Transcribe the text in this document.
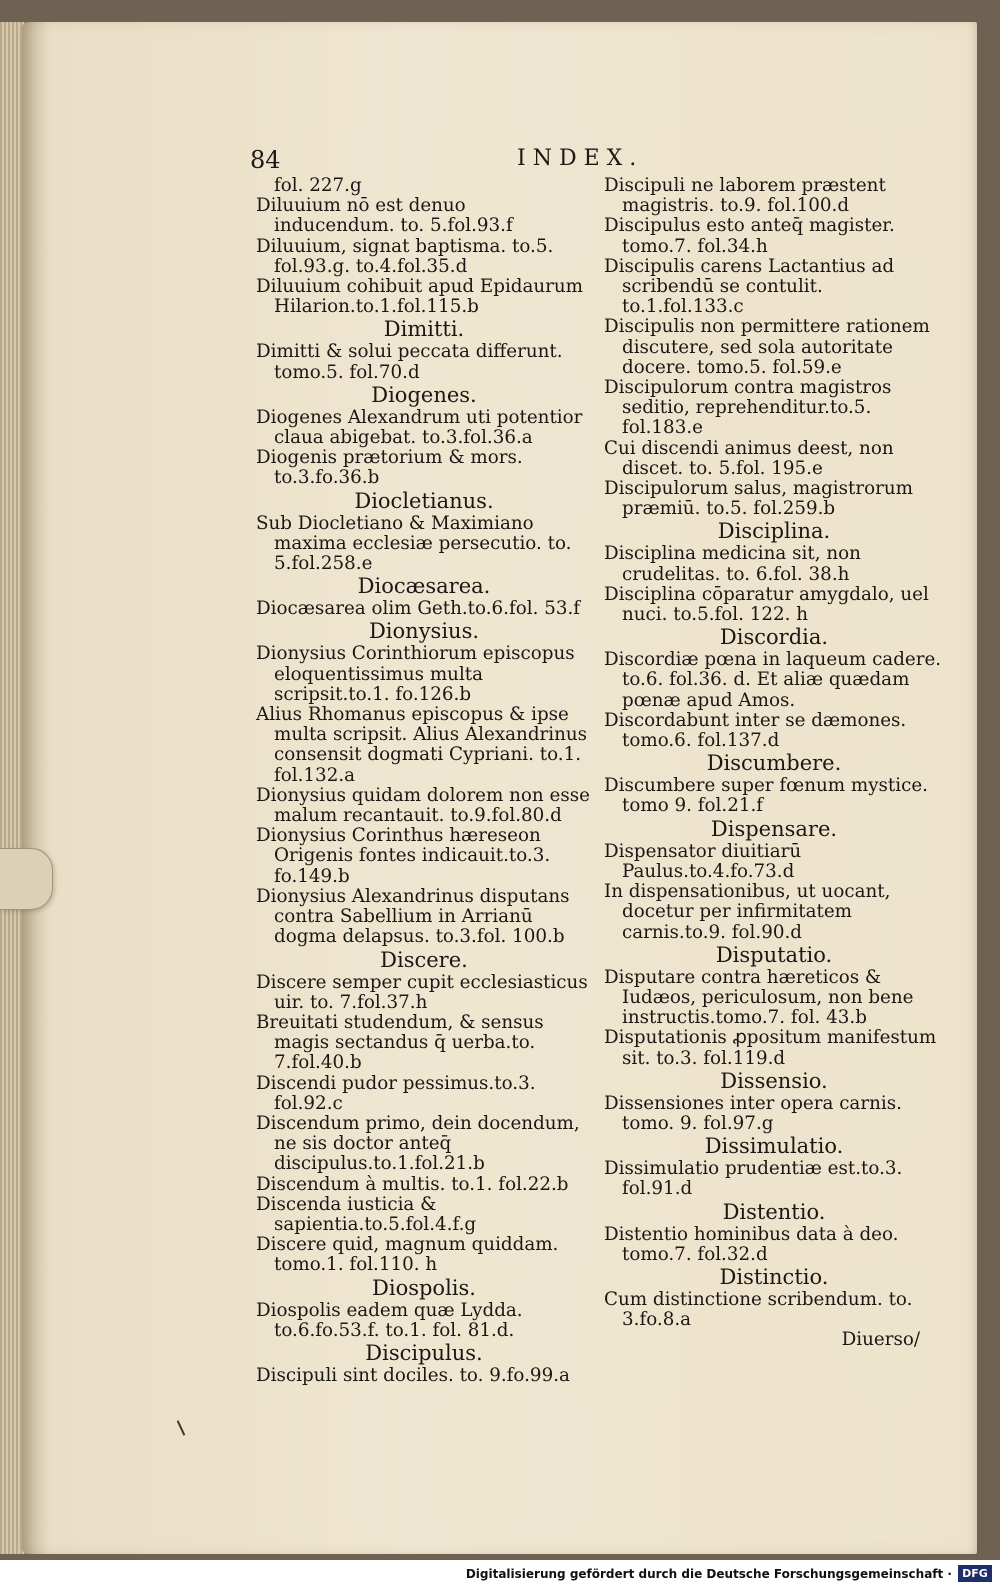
84	INDEX.

fol. 227.g

Diluuium nō est denuo inducendum. to. 5.fol.93.f

Diluuium, signat baptisma. to.5. fol.93.g. to.4.fol.35.d

Diluuium cohibuit apud Epidaurum Hilarion.to.1.fol.115.b

Dimitti.

Dimitti & solui peccata differunt. tomo.5. fol.70.d

Diogenes.

Diogenes Alexandrum uti potentior claua abigebat. to.3.fol.36.a

Diogenis prætorium & mors. to.3.fo.36.b

Diocletianus.

Sub Diocletiano & Maximiano maxima ecclesiæ persecutio. to. 5.fol.258.e

Diocæsarea.

Diocæsarea olim Geth.to.6.fol. 53.f

Dionysius.

Dionysius Corinthiorum episcopus eloquentissimus multa scripsit.to.1. fo.126.b

Alius Rhomanus episcopus & ipse multa scripsit. Alius Alexandrinus consensit dogmati Cypriani. to.1. fol.132.a

Dionysius quidam dolorem non esse malum recantauit. to.9.fol.80.d

Dionysius Corinthus hæreseon Origenis fontes indicauit.to.3. fo.149.b

Dionysius Alexandrinus disputans contra Sabellium in Arrianū dogma delapsus. to.3.fol. 100.b

Discere.

Discere semper cupit ecclesiasticus uir. to. 7.fol.37.h

Breuitati studendum, & sensus magis sectandus q̄ uerba.to. 7.fol.40.b

Discendi pudor pessimus.to.3. fol.92.c

Discendum primo, dein docendum, ne sis doctor anteq̄ discipulus.to.1.fol.21.b

Discendum à multis. to.1. fol.22.b

Discenda iusticia & sapientia.to.5.fol.4.f.g

Discere quid, magnum quiddam. tomo.1. fol.110. h

Diospolis.

Diospolis eadem quæ Lydda. to.6.fo.53.f. to.1. fol. 81.d.

Discipulus.

Discipuli sint dociles. to. 9.fo.99.a

Discipuli ne laborem præstent magistris. to.9. fol.100.d

Discipulus esto anteq̄ magister. tomo.7. fol.34.h

Discipulis carens Lactantius ad scribendū se contulit. to.1.fol.133.c

Discipulis non permittere rationem discutere, sed sola autoritate docere. tomo.5. fol.59.e

Discipulorum contra magistros seditio, reprehenditur.to.5. fol.183.e

Cui discendi animus deest, non discet. to. 5.fol. 195.e

Discipulorum salus, magistrorum præmiū. to.5. fol.259.b

Disciplina.

Disciplina medicina sit, non crudelitas. to. 6.fol. 38.h

Disciplina cōparatur amygdalo, uel nuci. to.5.fol. 122. h

Discordia.

Discordiæ pœna in laqueum cadere. to.6. fol.36. d. Et aliæ quædam pœnæ apud Amos.

Discordabunt inter se dæmones. tomo.6. fol.137.d

Discumbere.

Discumbere super fœnum mystice. tomo 9. fol.21.f

Dispensare.

Dispensator diuitiarū Paulus.to.4.fo.73.d

In dispensationibus, ut uocant, docetur per infirmitatem carnis.to.9. fol.90.d

Disputatio.

Disputare contra hæreticos & Iudæos, periculosum, non bene instructis.tomo.7. fol. 43.b

Disputationis ꝓpositum manifestum sit. to.3. fol.119.d

Dissensio.

Dissensiones inter opera carnis. tomo. 9. fol.97.g

Dissimulatio.

Dissimulatio prudentiæ est.to.3. fol.91.d

Distentio.

Distentio hominibus data à deo. tomo.7. fol.32.d

Distinctio.

Cum distinctione scribendum. to. 3.fo.8.a

Diuerso/

Digitalisierung gefördert durch die Deutsche Forschungsgemeinschaft · DFG
